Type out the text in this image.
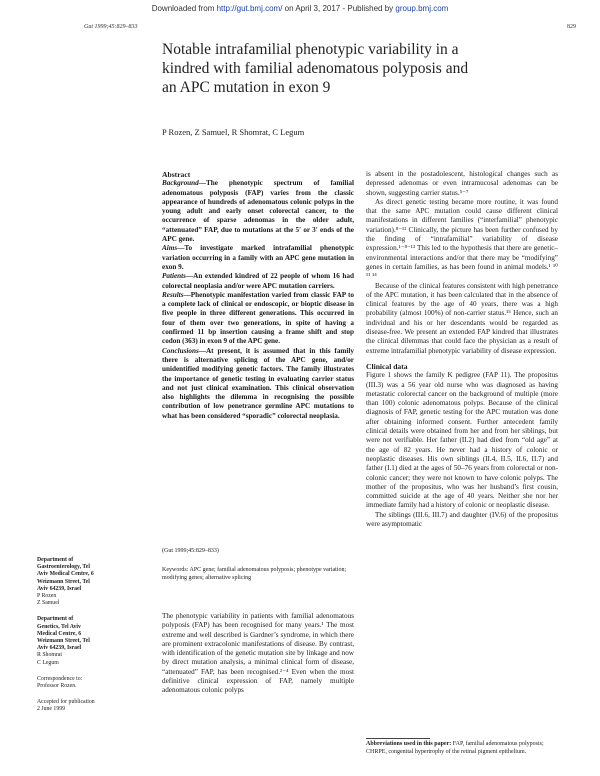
Downloaded from http://gut.bmj.com/ on April 3, 2017 - Published by group.bmj.com
Gut 1999;45:829–833	829
Notable intrafamilial phenotypic variability in a
kindred with familial adenomatous polyposis and
an APC mutation in exon 9
P Rozen, Z Samuel, R Shomrat, C Legum

Abstract

Background—The phenotypic spectrum of familial adenomatous polyposis (FAP) varies from the classic appearance of hundreds of adenomatous colonic polyps in the young adult and early onset colorectal cancer, to the occurrence of sparse adenomas in the older adult, “attenuated” FAP, due to mutations at the 5′ or 3′ ends of the APC gene.

Aims—To investigate marked intrafamilial phenotypic variation occurring in a family with an APC gene mutation in exon 9.

Patients—An extended kindred of 22 people of whom 16 had colorectal neoplasia and/or were APC mutation carriers.

Results—Phenotypic manifestation varied from classic FAP to a complete lack of clinical or endoscopic, or bioptic disease in five people in three different generations. This occurred in four of them over two generations, in spite of having a confirmed 11 bp insertion causing a frame shift and stop codon (363) in exon 9 of the APC gene.

Conclusions—At present, it is assumed that in this family there is alternative splicing of the APC gene, and/or unidentified modifying genetic factors. The family illustrates the importance of genetic testing in evaluating carrier status and not just clinical examination. This clinical observation also highlights the dilemma in recognising the possible contribution of low penetrance germline APC mutations to what has been considered “sporadic” colorectal neoplasia.

(Gut 1999;45:829–833)
Keywords: APC gene; familial adenomatous polyposis; phenotype variation; modifying genes; alternative splicing

The phenotypic variability in patients with familial adenomatous polyposis (FAP) has been recognised for many years.¹ The most extreme and well described is Gardner’s syndrome, in which there are prominent extracolonic manifestations of disease. By contrast, with identification of the genetic mutation site by linkage and now by direct mutation analysis, a minimal clinical form of disease, “attenuated” FAP, has been recognised.²⁻⁴ Even when the most definitive clinical expression of FAP, namely multiple adenomatous colonic polyps

is absent in the postadolescent, histological changes such as depressed adenomas or even intramucosal adenomas can be shown, suggesting carrier status.⁵⁻⁷

As direct genetic testing became more routine, it was found that the same APC mutation could cause different clinical manifestations in different families (“interfamilial” phenotypic variation).⁸⁻¹² Clinically, the picture has been further confused by the finding of “intrafamilial” variability of disease expression.¹⁻⁸⁻¹³ This led to the hypothesis that there are genetic–environmental interactions and/or that there may be “modifying” genes in certain families, as has been found in animal models.¹ ¹⁰ ¹¹ ¹⁴

Because of the clinical features consistent with high penetrance of the APC mutation, it has been calculated that in the absence of clinical features by the age of 40 years, there was a high probability (almost 100%) of non-carrier status.¹⁵ Hence, such an individual and his or her descendants would be regarded as disease-free. We present an extended FAP kindred that illustrates the clinical dilemmas that could face the physician as a result of extreme intrafamilial phenotypic variability of disease expression.

Clinical data

Figure 1 shows the family K pedigree (FAP 11). The propositus (III.3) was a 56 year old nurse who was diagnosed as having metastatic colorectal cancer on the background of multiple (more than 100) colonic adenomatous polyps. Because of the clinical diagnosis of FAP, genetic testing for the APC mutation was done after obtaining informed consent. Further antecedent family clinical details were obtained from her and from her siblings, but were not verifiable. Her father (II.2) had died from “old age” at the age of 82 years. He never had a history of colonic or neoplastic diseases. His own siblings (II.4, II.5, II.6, II.7) and father (I.1) died at the ages of 50–76 years from colorectal or non-colonic cancer; they were not known to have colonic polyps. The mother of the propositus, who was her husband’s first cousin, committed suicide at the age of 40 years. Neither she nor her immediate family had a history of colonic or neoplastic disease.

The siblings (III.6, III.7) and daughter (IV.6) of the propositus were asymptomatic

Department of
Gastroenterology, Tel
Aviv Medical Centre, 6
Weizmann Street, Tel
Aviv 64239, Israel
P Rozen
Z Samuel
Department of
Genetics, Tel Aviv
Medical Centre, 6
Weizmann Street, Tel
Aviv 64239, Israel
R Shomrat
C Legum
Correspondence to:
Professor Rozen.
Accepted for publication
2 June 1999
Abbreviations used in this paper: FAP, familial adenomatous polyposis; CHRPE, congenital hypertrophy of the retinal pigment epithelium.
